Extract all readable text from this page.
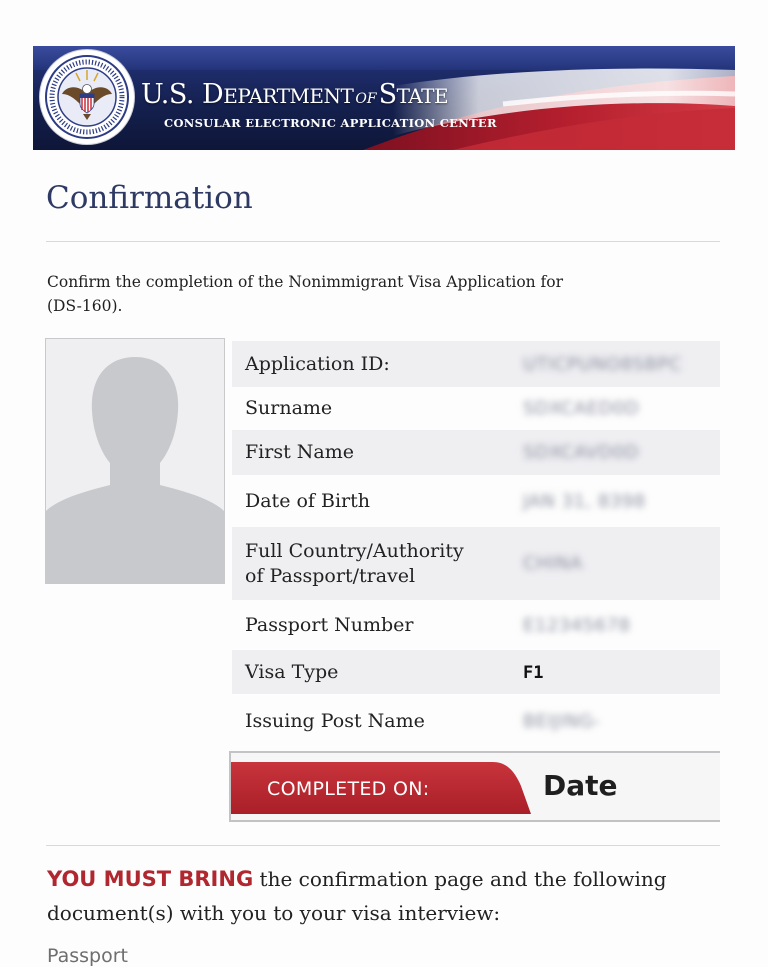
U.S. DEPARTMENT OFSTATE
CONSULAR ELECTRONIC APPLICATION CENTER
Confirmation

Confirm the completion of the Nonimmigrant Visa Application for

(DS-160).

Application ID:	UTICPUNO8SBPC
Surname	SDXCAED0D
First Name	SDXCAVD0D
Date of Birth	JAN 31, 8398

Full Country/Authority
of Passport/travel	CHINA
Passport Number	E12345678
Visa Type	F1
Issuing Post Name	BEIJING-
COMPLETED ON:	Date

YOU MUST BRING the confirmation page and the following

document(s) with you to your visa interview:

Passport
